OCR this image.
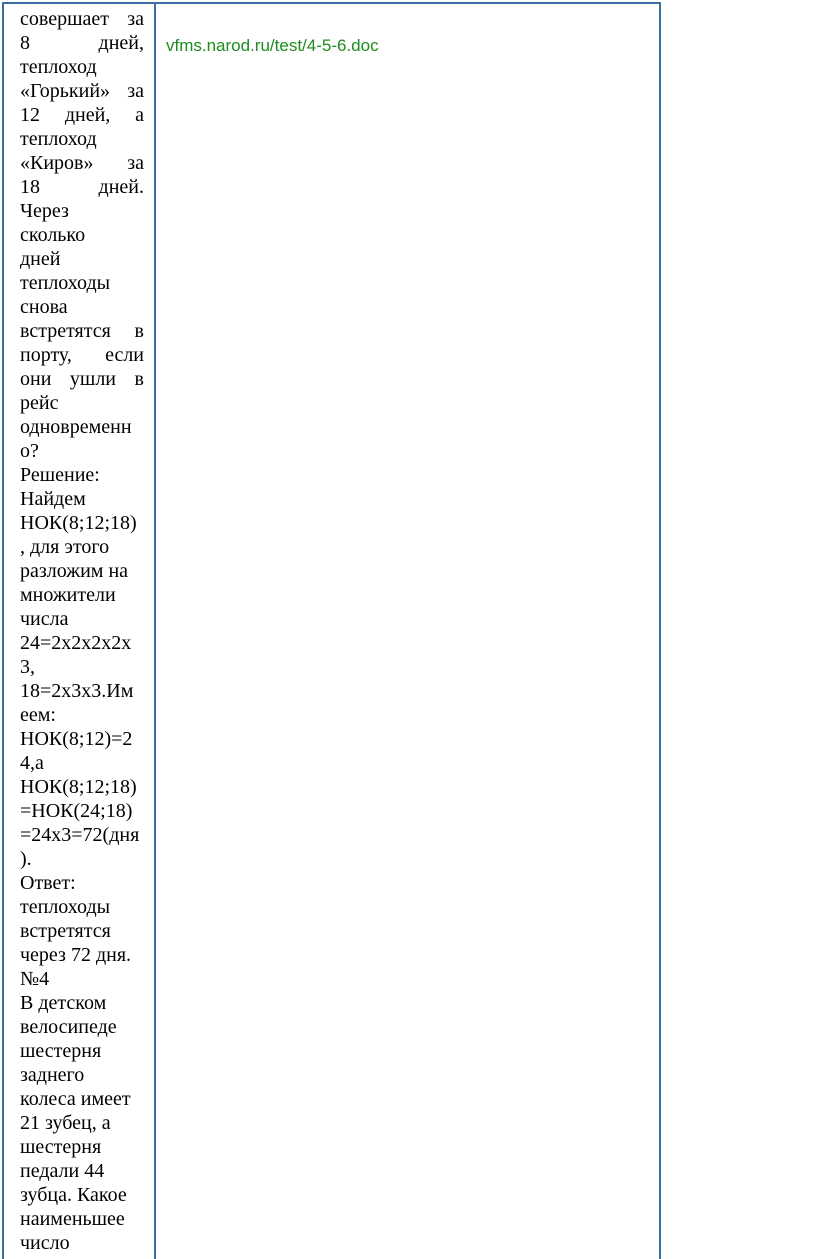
совершает за
8	дней,
теплоход
«Горький» за
12 дней, а
теплоход
«Киров» за
18	дней.
Через
сколько
дней
теплоходы
снова
встретятся в
порту, если
они ушли в
рейс
одновременн
о?
Решение:
Найдем
НОК(8;12;18)
, для этого
разложим на
множители
числа
24=2х2х2х2х
3,
18=2х3х3.Им
еем:
НОК(8;12)=2
4,а
НОК(8;12;18)
=НОК(24;18)
=24х3=72(дня
).
Ответ:
теплоходы
встретятся
через 72 дня.
№4
В детском
велосипеде
шестерня
заднего
колеса имеет
21 зубец, а
шестерня
педали 44
зубца. Какое
наименьшее
число
vfms.narod.ru/test/4-5-6.doc
